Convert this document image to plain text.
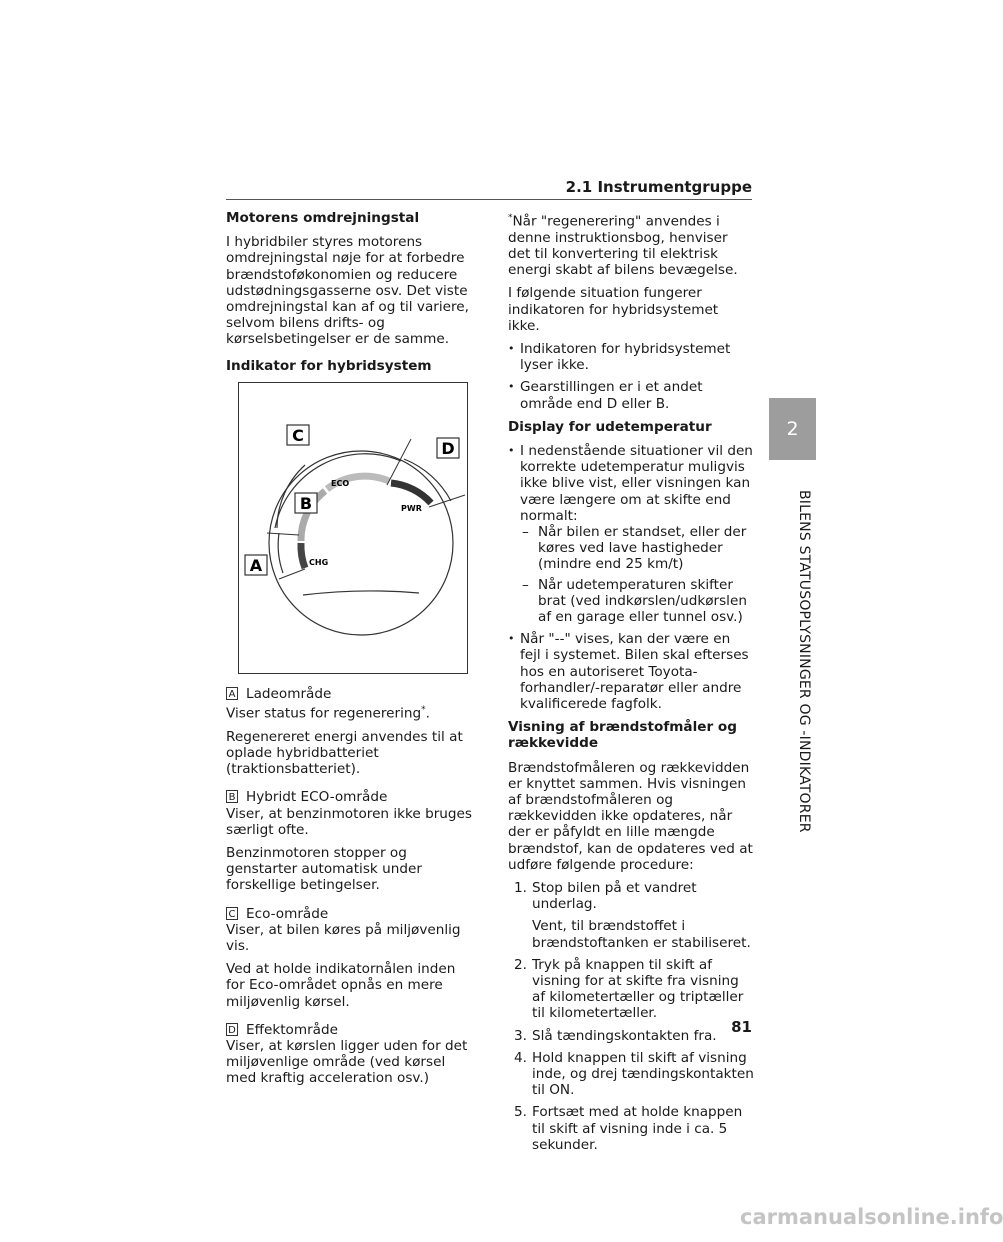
2.1 Instrumentgruppe
2
BILENS STATUSOPLYSNINGER OG -INDIKATORER

Motorens omdrejningstal

I hybridbiler styres motorens omdrejningstal nøje for at forbedre brændstoføkonomien og reducere udstødningsgasserne osv. Det viste omdrejningstal kan af og til variere, selvom bilens drifts- og kørselsbetingelser er de samme.

Indikator for hybridsystem

C
D
B
A
ECO
PWR
CHG

A Ladeområde
Viser status for regenerering*.

Regenereret energi anvendes til at oplade hybridbatteriet (traktionsbatteriet).

B Hybridt ECO-område
Viser, at benzinmotoren ikke bruges særligt ofte.

Benzinmotoren stopper og genstarter automatisk under forskellige betingelser.

C Eco-område
Viser, at bilen køres på miljøvenlig vis.

Ved at holde indikatornålen inden for Eco-området opnås en mere miljøvenlig kørsel.

D Effektområde
Viser, at kørslen ligger uden for det miljøvenlige område (ved kørsel med kraftig acceleration osv.)

*Når "regenerering" anvendes i denne instruktionsbog, henviser det til konvertering til elektrisk energi skabt af bilens bevægelse.

I følgende situation fungerer indikatoren for hybridsystemet ikke.

• Indikatoren for hybridsystemet lyser ikke.
• Gearstillingen er i et andet område end D eller B.

Display for udetemperatur

• I nedenstående situationer vil den korrekte udetemperatur muligvis ikke blive vist, eller visningen kan være længere om at skifte end normalt:
– Når bilen er standset, eller der køres ved lave hastigheder (mindre end 25 km/t)
– Når udetemperaturen skifter brat (ved indkørslen/udkørslen af en garage eller tunnel osv.)
• Når "--" vises, kan der være en fejl i systemet. Bilen skal efterses hos en autoriseret Toyota-forhandler/-reparatør eller andre kvalificerede fagfolk.

Visning af brændstofmåler og rækkevidde

Brændstofmåleren og rækkevidden er knyttet sammen. Hvis visningen af brændstofmåleren og rækkevidden ikke opdateres, når der er påfyldt en lille mængde brændstof, kan de opdateres ved at udføre følgende procedure:

1. Stop bilen på et vandret underlag.
Vent, til brændstoffet i brændstoftanken er stabiliseret.
2. Tryk på knappen til skift af visning for at skifte fra visning af kilometertæller og triptæller til kilometertæller.
3. Slå tændingskontakten fra.
4. Hold knappen til skift af visning inde, og drej tændingskontakten til ON.
5. Fortsæt med at holde knappen til skift af visning inde i ca. 5 sekunder.
81
carmanualsonline.info
